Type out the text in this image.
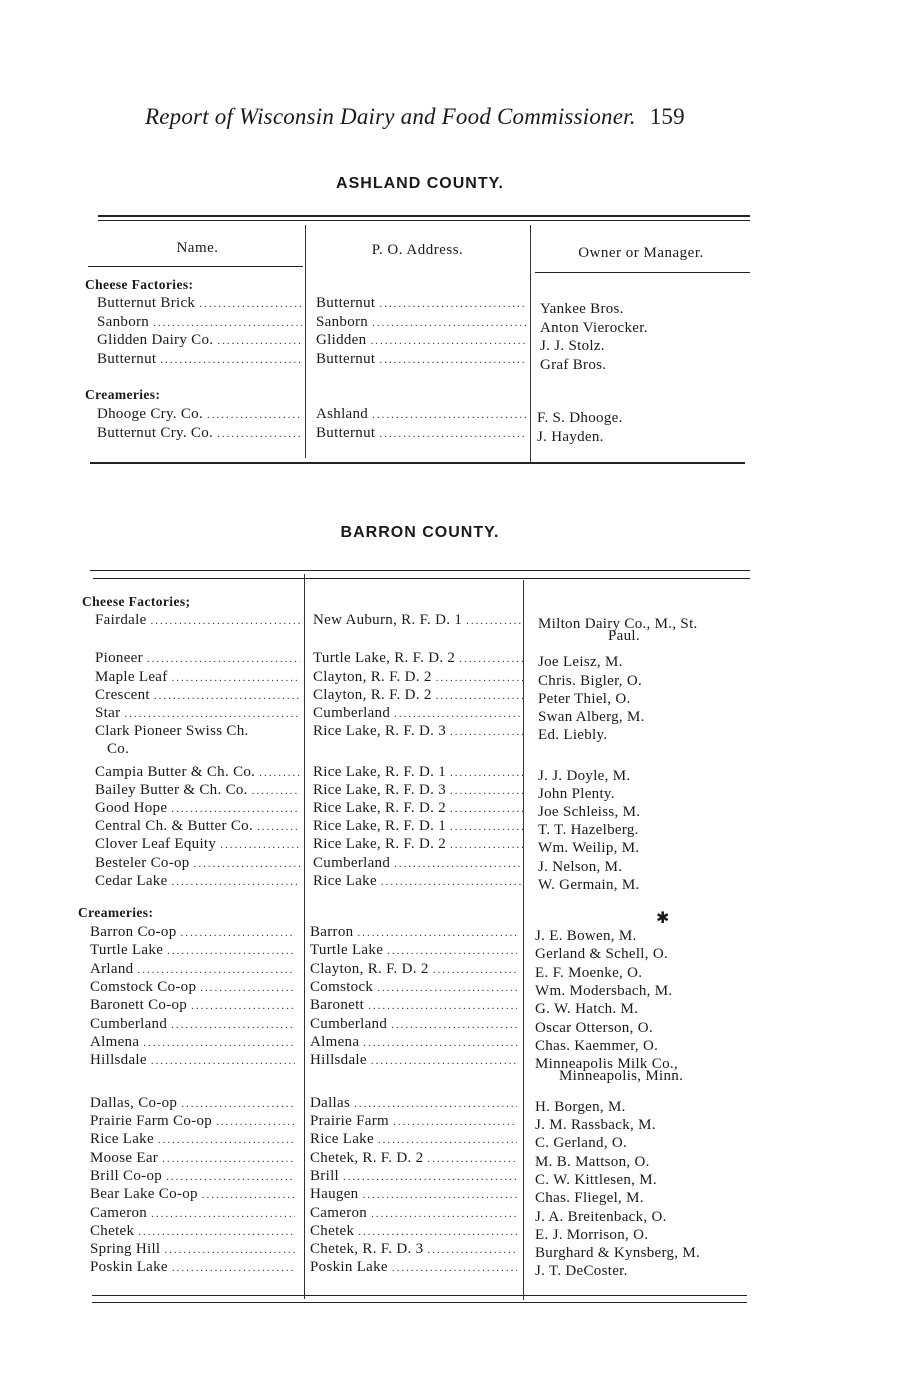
Report of Wisconsin Dairy and Food Commissioner. 159
ASHLAND COUNTY.
Name.	P. O. Address.	Owner or Manager.
Cheese Factories:
Butternut Brick .....	Butternut .....	Yankee Bros.
Sanborn .....	Sanborn .....	Anton Vierocker.
Glidden Dairy Co. .....	Glidden .....	J. J. Stolz.
Butternut .....	Butternut .....	Graf Bros.
Creameries:
Dhooge Cry. Co. .....	Ashland .....	F. S. Dhooge.
Butternut Cry. Co. .....	Butternut .....	J. Hayden.
BARRON COUNTY.
Cheese Factories;
Fairdale .....	New Auburn, R. F. D. 1 .....	Milton Dairy Co., M., St.
Paul.
Pioneer .....	Turtle Lake, R. F. D. 2 .....	Joe Leisz, M.
Maple Leaf .....	Clayton, R. F. D. 2 .....	Chris. Bigler, O.
Crescent .....	Clayton, R. F. D. 2 .....	Peter Thiel, O.
Star .....	Cumberland .....	Swan Alberg, M.
Clark Pioneer Swiss Ch.	Rice Lake, R. F. D. 3 .....	Ed. Liebly.
Co.
Campia Butter & Ch. Co. .....	Rice Lake, R. F. D. 1 .....	J. J. Doyle, M.
Bailey Butter & Ch. Co. .....	Rice Lake, R. F. D. 3 .....	John Plenty.
Good Hope .....	Rice Lake, R. F. D. 2 .....	Joe Schleiss, M.
Central Ch. & Butter Co. .....	Rice Lake, R. F. D. 1 .....	T. T. Hazelberg.
Clover Leaf Equity .....	Rice Lake, R. F. D. 2 .....	Wm. Weilip, M.
Besteler Co-op .....	Cumberland .....	J. Nelson, M.
Cedar Lake .....	Rice Lake .....	W. Germain, M.
Creameries:	✱
Barron Co-op .....	Barron .....	J. E. Bowen, M.
Turtle Lake .....	Turtle Lake .....	Gerland & Schell, O.
Arland .....	Clayton, R. F. D. 2 .....	E. F. Moenke, O.
Comstock Co-op .....	Comstock .....	Wm. Modersbach, M.
Baronett Co-op .....	Baronett .....	G. W. Hatch. M.
Cumberland .....	Cumberland .....	Oscar Otterson, O.
Almena .....	Almena .....	Chas. Kaemmer, O.
Hillsdale .....	Hillsdale .....	Minneapolis Milk Co.,
Minneapolis, Minn.
Dallas, Co-op .....	Dallas .....	H. Borgen, M.
Prairie Farm Co-op .....	Prairie Farm .....	J. M. Rassback, M.
Rice Lake .....	Rice Lake .....	C. Gerland, O.
Moose Ear .....	Chetek, R. F. D. 2 .....	M. B. Mattson, O.
Brill Co-op .....	Brill .....	C. W. Kittlesen, M.
Bear Lake Co-op .....	Haugen .....	Chas. Fliegel, M.
Cameron .....	Cameron .....	J. A. Breitenback, O.
Chetek .....	Chetek .....	E. J. Morrison, O.
Spring Hill .....	Chetek, R. F. D. 3 .....	Burghard & Kynsberg, M.
Poskin Lake .....	Poskin Lake .....	J. T. DeCoster.
